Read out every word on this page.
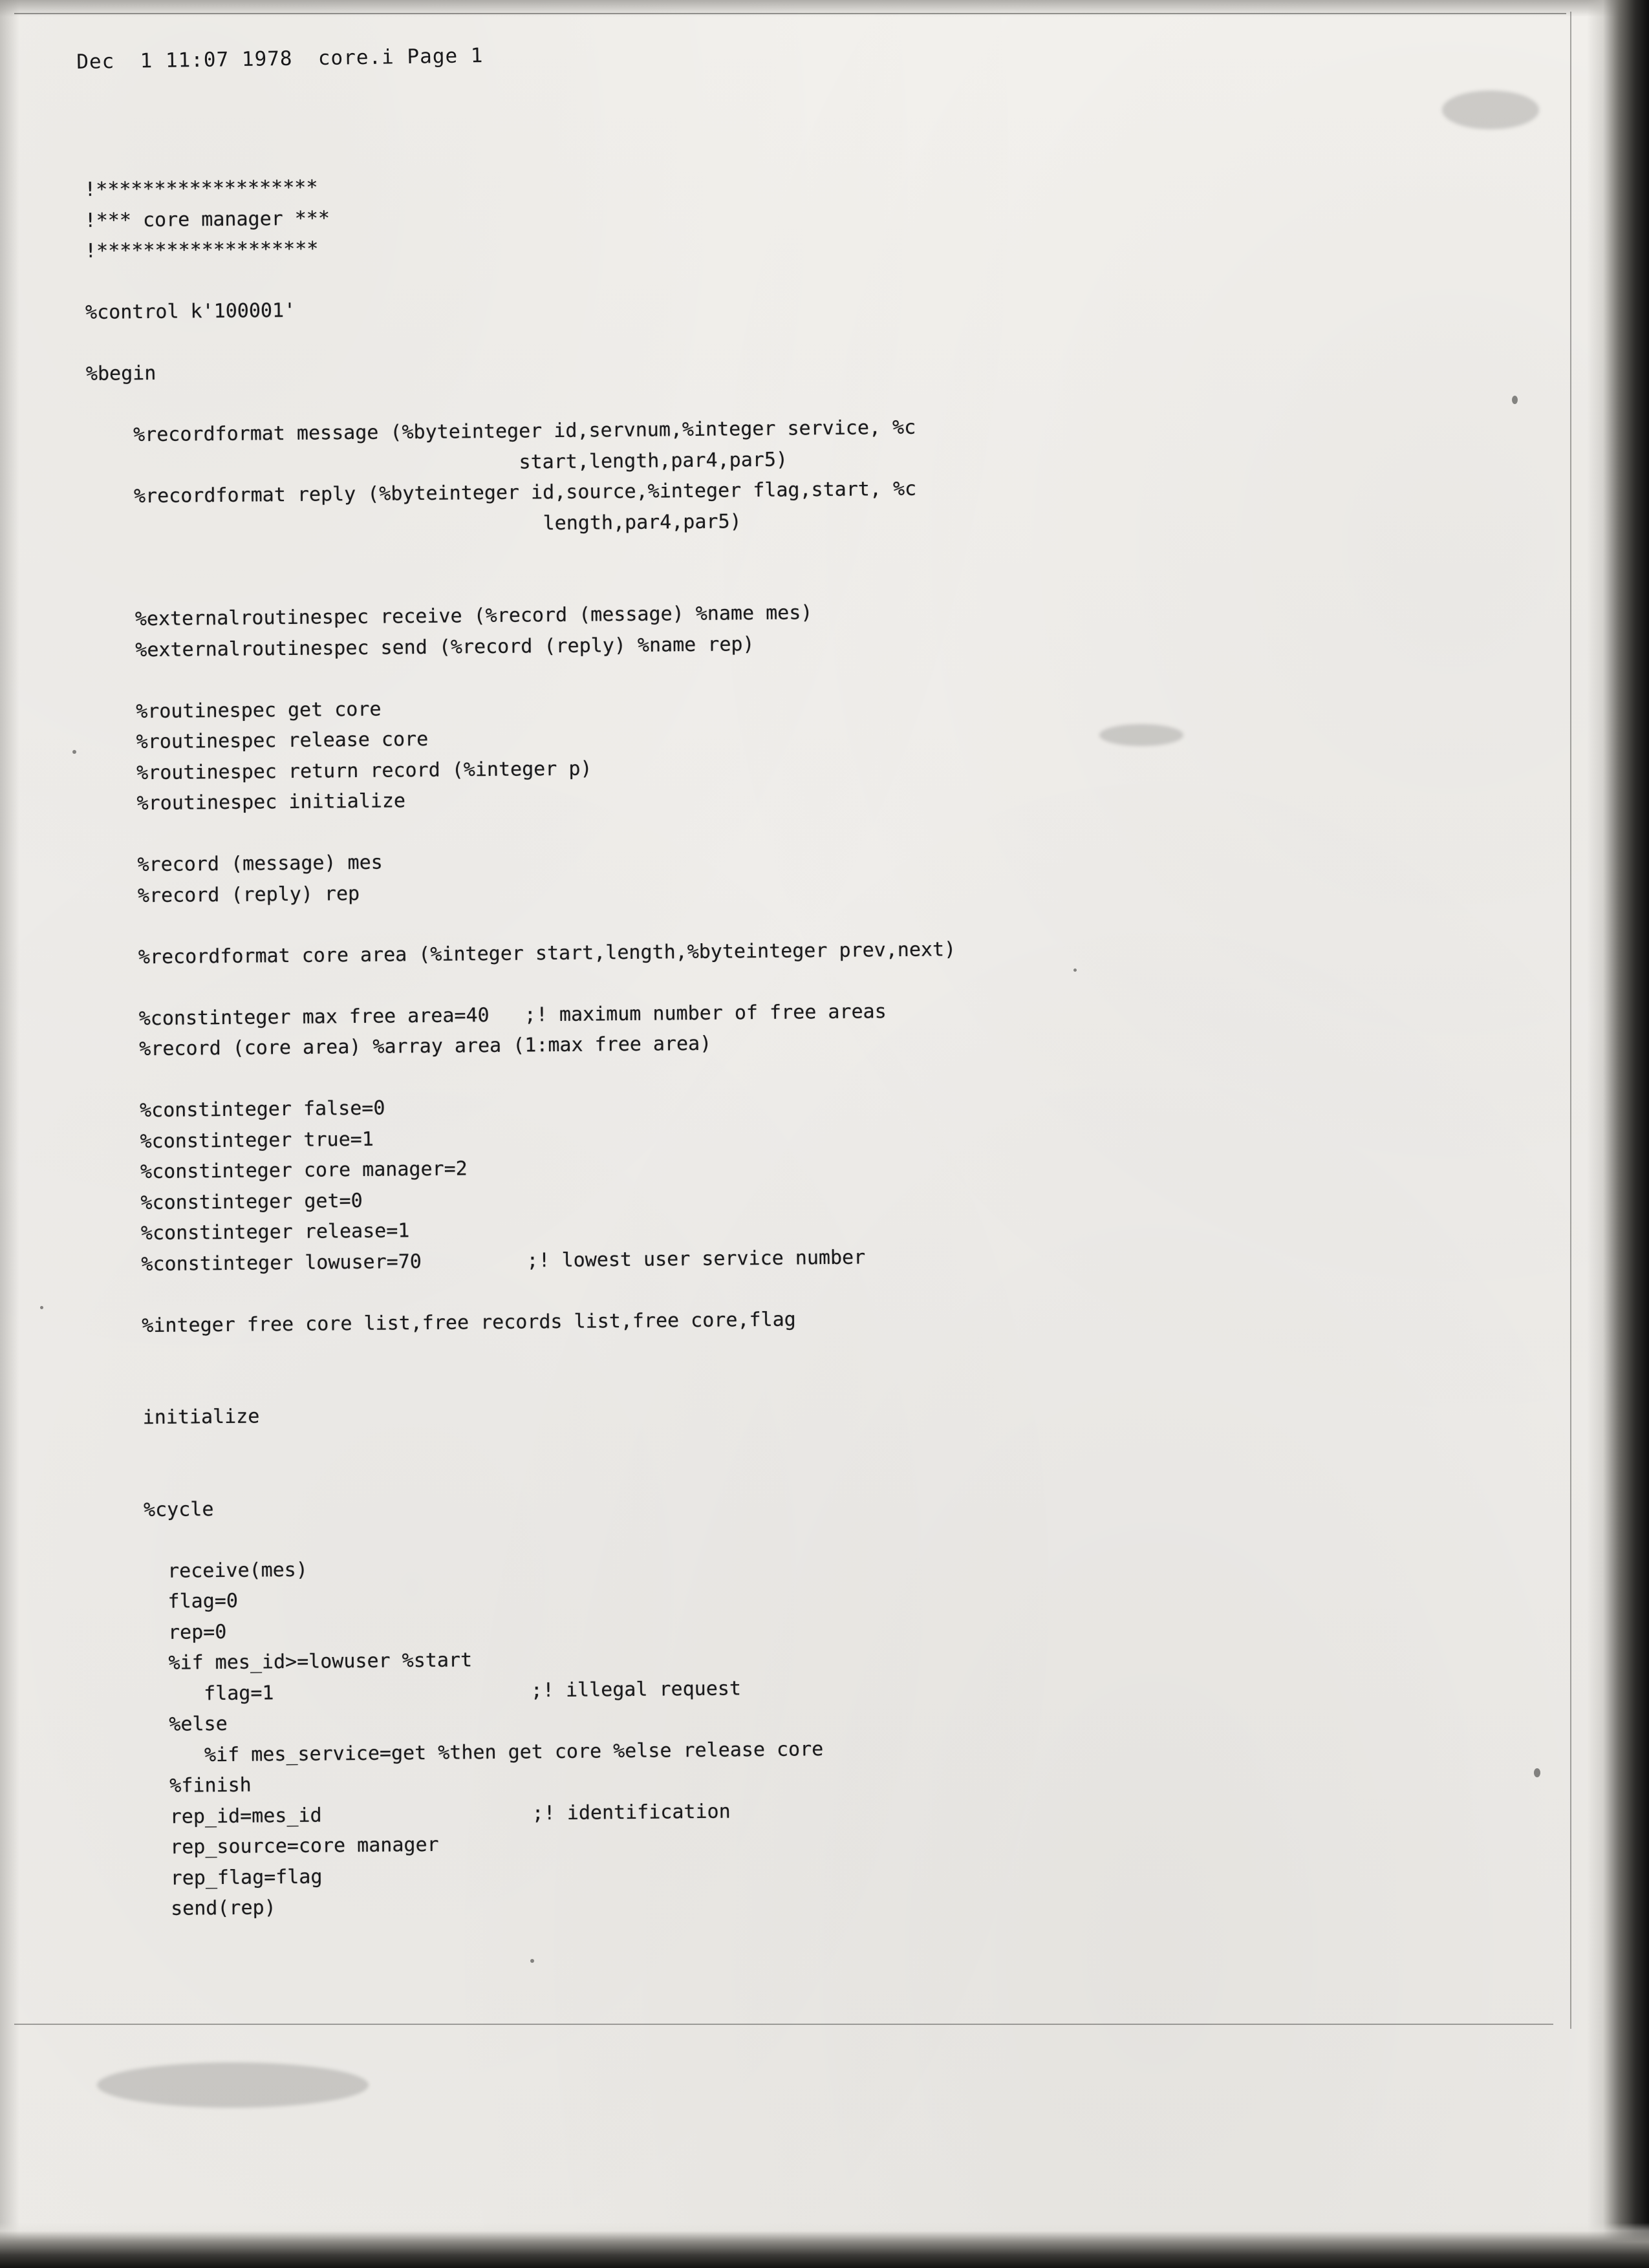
Dec  1 11:07 1978  core.i Page 1
!*******************
!*** core manager ***
!*******************
%control k'100001'
%begin
%recordformat message (%byteinteger id,servnum,%integer service, %c
start,length,par4,par5)
%recordformat reply (%byteinteger id,source,%integer flag,start, %c
length,par4,par5)
%externalroutinespec receive (%record (message) %name mes)
%externalroutinespec send (%record (reply) %name rep)
%routinespec get core
%routinespec release core
%routinespec return record (%integer p)
%routinespec initialize
%record (message) mes
%record (reply) rep
%recordformat core area (%integer start,length,%byteinteger prev,next)
%constinteger max free area=40   ;! maximum number of free areas
%record (core area) %array area (1:max free area)
%constinteger false=0
%constinteger true=1
%constinteger core manager=2
%constinteger get=0
%constinteger release=1
%constinteger lowuser=70         ;! lowest user service number
%integer free core list,free records list,free core,flag
initialize
%cycle
receive(mes)
flag=0
rep=0
%if mes_id>=lowuser %start
flag=1                      ;! illegal request
%else
%if mes_service=get %then get core %else release core
%finish
rep_id=mes_id                  ;! identification
rep_source=core manager
rep_flag=flag
send(rep)
